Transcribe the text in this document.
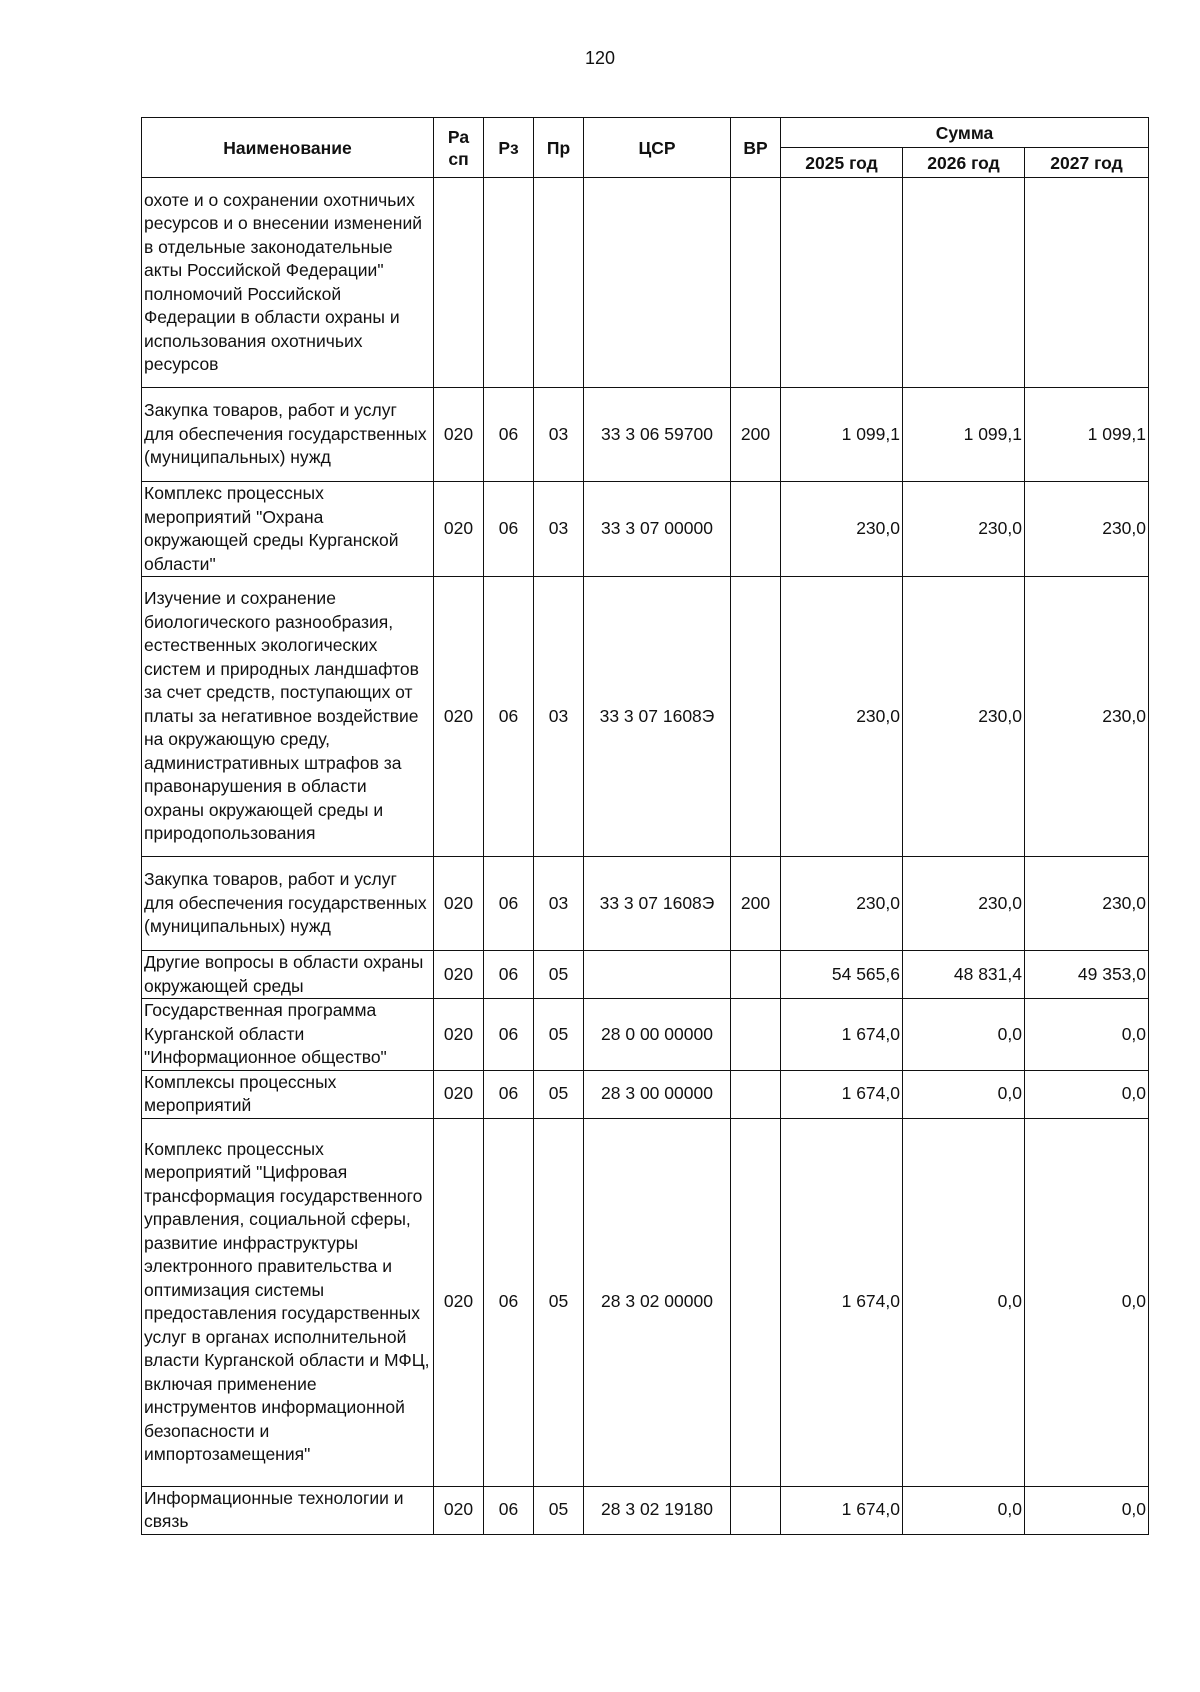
120
Наименование	Ра сп	Рз	Пр	ЦСР	ВР	Сумма		
						2025 год	2026 год	2027 год
охоте и о сохранении охотничьих ресурсов и о внесении изменений в отдельные законодательные акты Российской Федерации" полномочий Российской Федерации в области охраны и использования охотничьих ресурсов								
Закупка товаров, работ и услуг для обеспечения государственных (муниципальных) нужд	020	06	03	33 3 06 59700	200	1 099,1	1 099,1	1 099,1
Комплекс процессных мероприятий "Охрана окружающей среды Курганской области"	020	06	03	33 3 07 00000		230,0	230,0	230,0
Изучение и сохранение биологического разнообразия, естественных экологических систем и природных ландшафтов за счет средств, поступающих от платы за негативное воздействие на окружающую среду, административных штрафов за правонарушения в области охраны окружающей среды и природопользования	020	06	03	33 3 07 1608Э		230,0	230,0	230,0
Закупка товаров, работ и услуг для обеспечения государственных (муниципальных) нужд	020	06	03	33 3 07 1608Э	200	230,0	230,0	230,0
Другие вопросы в области охраны окружающей среды	020	06	05			54 565,6	48 831,4	49 353,0
Государственная программа Курганской области "Информационное общество"	020	06	05	28 0 00 00000		1 674,0	0,0	0,0
Комплексы процессных мероприятий	020	06	05	28 3 00 00000		1 674,0	0,0	0,0
Комплекс процессных мероприятий "Цифровая трансформация государственного управления, социальной сферы, развитие инфраструктуры электронного правительства и оптимизация системы предоставления государственных услуг в органах исполнительной власти Курганской области и МФЦ, включая применение инструментов информационной безопасности и импортозамещения"	020	06	05	28 3 02 00000		1 674,0	0,0	0,0
Информационные технологии и связь	020	06	05	28 3 02 19180		1 674,0	0,0	0,0
